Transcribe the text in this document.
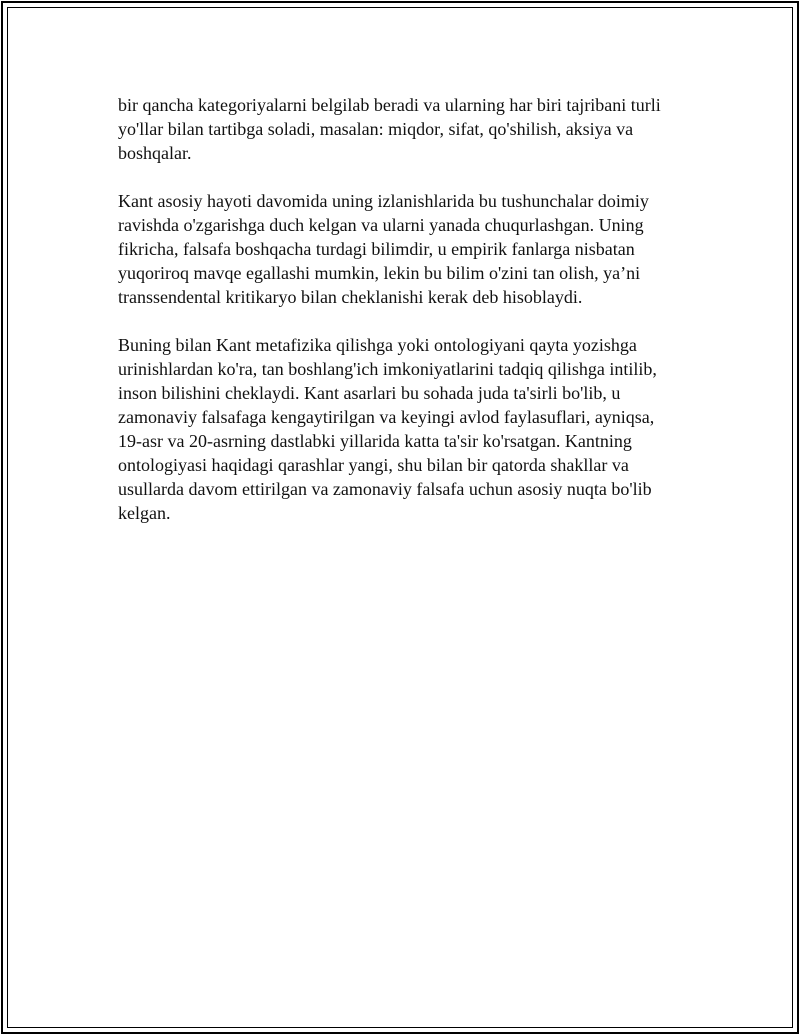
bir qancha kategoriyalarni belgilab beradi va ularning har biri tajribani turli yo'llar bilan tartibga soladi, masalan: miqdor, sifat, qo'shilish, aksiya va boshqalar.

Kant asosiy hayoti davomida uning izlanishlarida bu tushunchalar doimiy ravishda o'zgarishga duch kelgan va ularni yanada chuqurlashgan. Uning fikricha, falsafa boshqacha turdagi bilimdir, u empirik fanlarga nisbatan yuqoriroq mavqe egallashi mumkin, lekin bu bilim o'zini tan olish, ya’ni transsendental kritikaryo bilan cheklanishi kerak deb hisoblaydi.

Buning bilan Kant metafizika qilishga yoki ontologiyani qayta yozishga urinishlardan ko'ra, tan boshlang'ich imkoniyatlarini tadqiq qilishga intilib, inson bilishini cheklaydi. Kant asarlari bu sohada juda ta'sirli bo'lib, u zamonaviy falsafaga kengaytirilgan va keyingi avlod faylasuflari, ayniqsa, 19-asr va 20-asrning dastlabki yillarida katta ta'sir ko'rsatgan. Kantning ontologiyasi haqidagi qarashlar yangi, shu bilan bir qatorda shakllar va usullarda davom ettirilgan va zamonaviy falsafa uchun asosiy nuqta bo'lib kelgan.
